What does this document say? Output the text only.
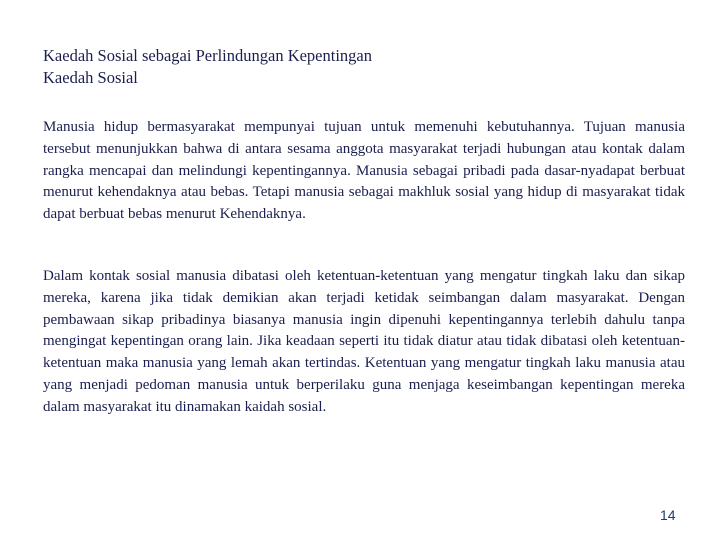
Kaedah Sosial sebagai Perlindungan Kepentingan
Kaedah Sosial

Manusia hidup bermasyarakat mempunyai tujuan untuk memenuhi kebutuhannya. Tujuan manusia tersebut menunjukkan bahwa di antara sesama anggota masyarakat terjadi hubungan atau kontak dalam rangka mencapai dan melindungi kepentingannya. Manusia sebagai pribadi pada dasar-nyadapat berbuat menurut kehendaknya atau bebas. Tetapi manusia sebagai makhluk sosial yang hidup di masyarakat tidak dapat berbuat bebas menurut Kehendaknya.

Dalam kontak sosial manusia dibatasi oleh ketentuan-ketentuan yang mengatur tingkah laku dan sikap mereka, karena jika tidak demikian akan terjadi ketidak seimbangan dalam masyarakat. Dengan pembawaan sikap pribadinya biasanya manusia ingin dipenuhi kepentingannya terlebih dahulu tanpa mengingat kepentingan orang lain. Jika keadaan seperti itu tidak diatur atau tidak dibatasi oleh ketentuan-ketentuan maka manusia yang lemah akan tertindas. Ketentuan yang mengatur tingkah laku manusia atau yang menjadi pedoman manusia untuk berperilaku guna menjaga keseimbangan kepentingan mereka dalam masyarakat itu dinamakan kaidah sosial.

14
